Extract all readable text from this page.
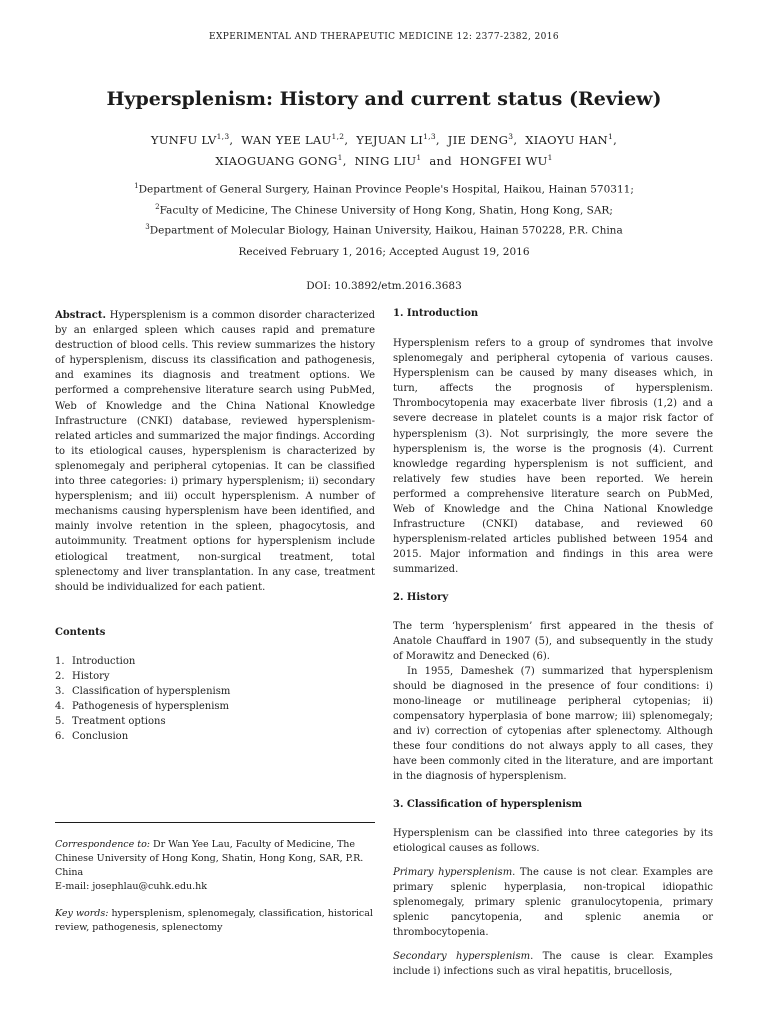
EXPERIMENTAL AND THERAPEUTIC MEDICINE 12: 2377-2382, 2016
Hypersplenism: History and current status (Review)
YUNFU LV$^{1,3}$,  WAN YEE LAU$^{1,2}$,  YEJUAN LI$^{1,3}$,  JIE DENG$^3$,  XIAOYU HAN$^1$,
XIAOGUANG GONG$^1$,  NING LIU$^1$  and  HONGFEI $WU^1$
$^1$Department of General Surgery, Hainan Province People's Hospital, Haikou, Hainan 570311;
$^2$Faculty of Medicine, The Chinese University of Hong Kong, Shatin, Hong Kong, SAR;
$^3$Department of Molecular Biology, Hainan University, Haikou, Hainan 570228, P.R. China
Received February 1, 2016; Accepted August 19, 2016
DOI: 10.3892/etm.2016.3683

Abstract. Hypersplenism is a common disorder characterized by an enlarged spleen which causes rapid and premature destruction of blood cells. This review summarizes the history of hypersplenism, discuss its classification and pathogenesis, and examines its diagnosis and treatment options. We performed a comprehensive literature search using PubMed, Web of Knowledge and the China National Knowledge Infrastructure (CNKI) database, reviewed hypersplenism-related articles and summarized the major findings. According to its etiological causes, hypersplenism is characterized by splenomegaly and peripheral cytopenias. It can be classified into three categories: i) primary hypersplenism; ii) secondary hypersplenism; and iii) occult hypersplenism. A number of mechanisms causing hypersplenism have been identified, and mainly involve retention in the spleen, phagocytosis, and autoimmunity. Treatment options for hypersplenism include etiological treatment, non-surgical treatment, total splenectomy and liver transplantation. In any case, treatment should be individualized for each patient.

Contents
1. Introduction
2. History
3. Classification of hypersplenism
4. Pathogenesis of hypersplenism
5. Treatment options
6. Conclusion
Correspondence to: Dr Wan Yee Lau, Faculty of Medicine, The Chinese University of Hong Kong, Shatin, Hong Kong, SAR, P.R. China
E-mail: josephlau@cuhk.edu.hk
Key words: hypersplenism, splenomegaly, classification, historical review, pathogenesis, splenectomy

1. Introduction

Hypersplenism refers to a group of syndromes that involve splenomegaly and peripheral cytopenia of various causes. Hypersplenism can be caused by many diseases which, in turn, affects the prognosis of hypersplenism. Thrombocytopenia may exacerbate liver fibrosis (1,2) and a severe decrease in platelet counts is a major risk factor of hypersplenism (3). Not surprisingly, the more severe the hypersplenism is, the worse is the prognosis (4). Current knowledge regarding hypersplenism is not sufficient, and relatively few studies have been reported. We herein performed a comprehensive literature search on PubMed, Web of Knowledge and the China National Knowledge Infrastructure (CNKI) database, and reviewed 60 hypersplenism-related articles published between 1954 and 2015. Major information and findings in this area were summarized.

2. History

The term ‘hypersplenism’ first appeared in the thesis of Anatole Chauffard in 1907 (5), and subsequently in the study of Morawitz and Denecked (6).

In 1955, Dameshek (7) summarized that hypersplenism should be diagnosed in the presence of four conditions: i) mono-lineage or mutilineage peripheral cytopenias; ii) compensatory hyperplasia of bone marrow; iii) splenomegaly; and iv) correction of cytopenias after splenectomy. Although these four conditions do not always apply to all cases, they have been commonly cited in the literature, and are important in the diagnosis of hypersplenism.

3. Classification of hypersplenism

Hypersplenism can be classified into three categories by its etiological causes as follows.

Primary hypersplenism. The cause is not clear. Examples are primary splenic hyperplasia, non-tropical idiopathic splenomegaly, primary splenic granulocytopenia, primary splenic pancytopenia, and splenic anemia or thrombocytopenia.

Secondary hypersplenism. The cause is clear. Examples include i) infections such as viral hepatitis, brucellosis,
